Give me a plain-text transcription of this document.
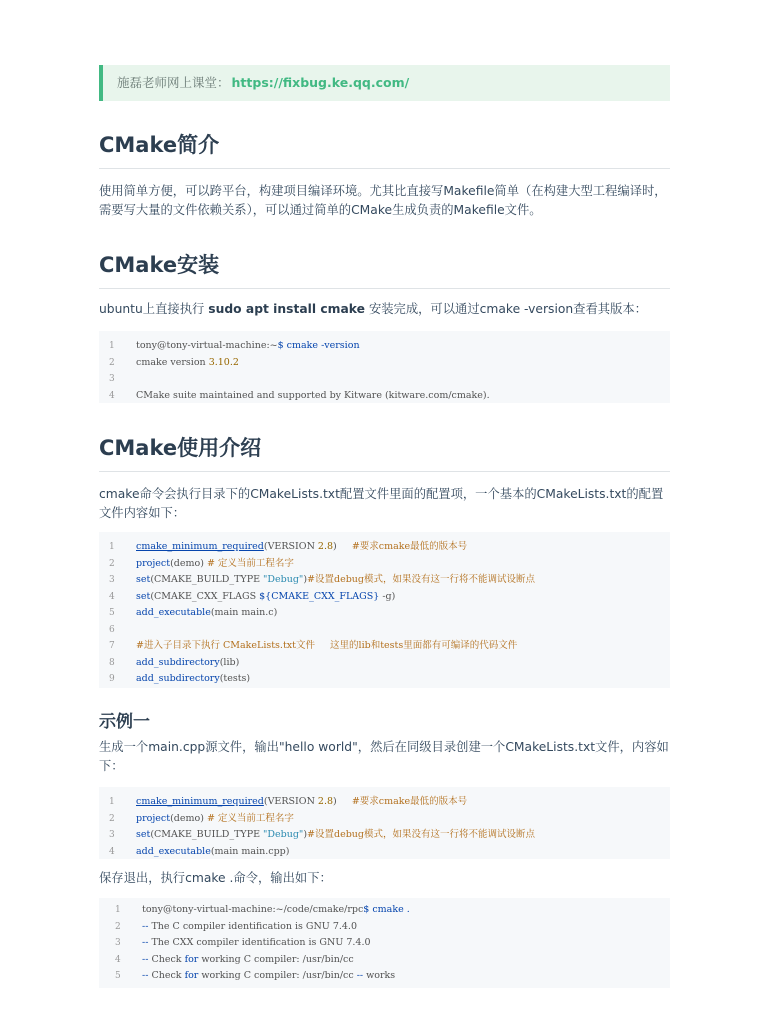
施磊老师网上课堂： https://fixbug.ke.qq.com/
CMake简介

使用简单方便，可以跨平台，构建项目编译环境。尤其比直接写Makefile简单（在构建大型工程编译时，需要写大量的文件依赖关系），可以通过简单的CMake生成负责的Makefile文件。

CMake安装

ubuntu上直接执行 sudo apt install cmake 安装完成，可以通过cmake -version查看其版本：

1	tony@tony-virtual-machine:~$ cmake -version
2	cmake version 3.10.2
3
4	CMake suite maintained and supported by Kitware (kitware.com/cmake).
CMake使用介绍

cmake命令会执行目录下的CMakeLists.txt配置文件里面的配置项，一个基本的CMakeLists.txt的配置文件内容如下：

1	cmake_minimum_required(VERSION 2.8)     #要求cmake最低的版本号
2	project(demo) # 定义当前工程名字
3	set(CMAKE_BUILD_TYPE "Debug")#设置debug模式，如果没有这一行将不能调试设断点
4	set(CMAKE_CXX_FLAGS ${CMAKE_CXX_FLAGS} -g)
5	add_executable(main main.c)
6
7	#进入子目录下执行 CMakeLists.txt文件     这里的lib和tests里面都有可编译的代码文件
8	add_subdirectory(lib)
9	add_subdirectory(tests)
示例一

生成一个main.cpp源文件，输出"hello world"，然后在同级目录创建一个CMakeLists.txt文件，内容如下：

1	cmake_minimum_required(VERSION 2.8)     #要求cmake最低的版本号
2	project(demo) # 定义当前工程名字
3	set(CMAKE_BUILD_TYPE "Debug")#设置debug模式，如果没有这一行将不能调试设断点
4	add_executable(main main.cpp)

保存退出，执行cmake .命令，输出如下：

1	tony@tony-virtual-machine:~/code/cmake/rpc$ cmake .
2	-- The C compiler identification is GNU 7.4.0
3	-- The CXX compiler identification is GNU 7.4.0
4	-- Check for working C compiler: /usr/bin/cc
5	-- Check for working C compiler: /usr/bin/cc -- works
